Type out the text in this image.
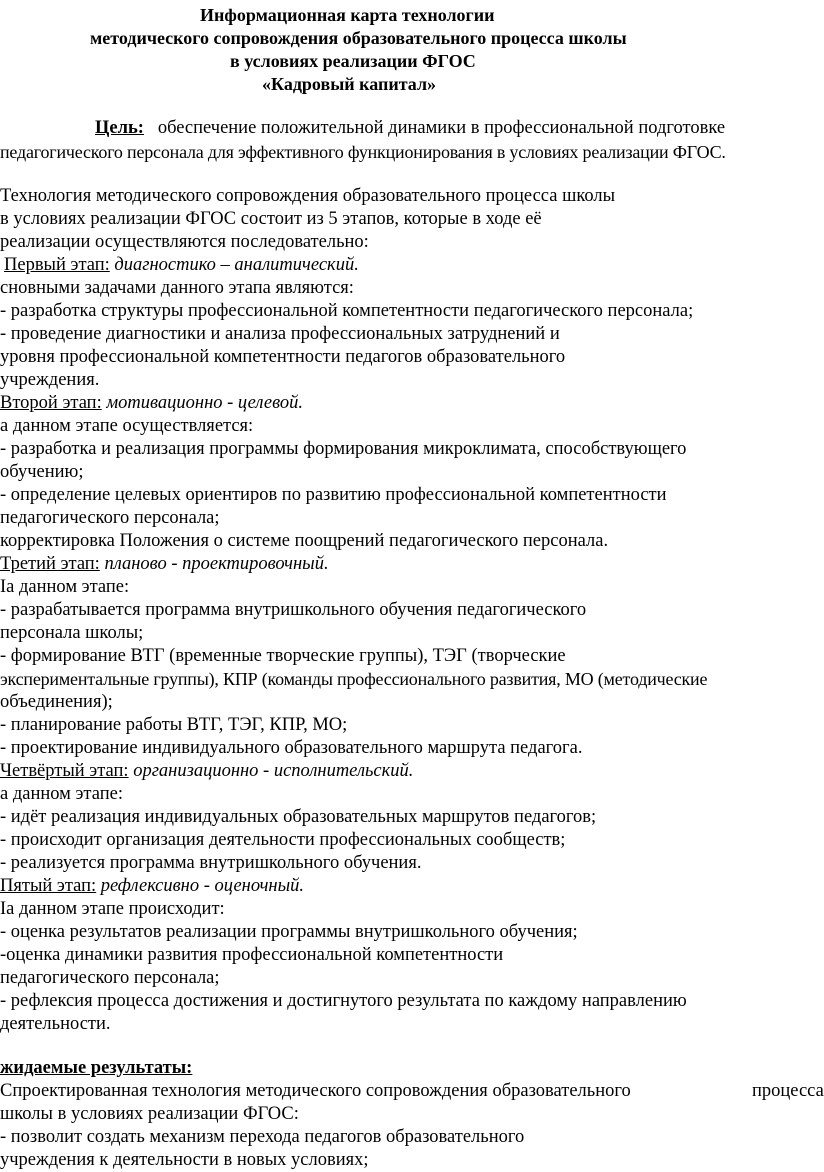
Информационная карта технологии
методического сопровождения образовательного процесса школы
в условиях реализации ФГОС
«Кадровый капитал»
Цель: обеспечение положительной динамики в профессиональной подготовке
педагогического персонала для эффективного функционирования в условиях реализации ФГОС.
Технология методического сопровождения образовательного процесса школы
в условиях реализации ФГОС состоит из 5 этапов, которые в ходе её
реализации осуществляются последовательно:
Первый этап: диагностико – аналитический.
сновными задачами данного этапа являются:
- разработка структуры профессиональной компетентности педагогического персонала;
- проведение диагностики и анализа профессиональных затруднений и
уровня профессиональной компетентности педагогов образовательного
учреждения.
Второй этап: мотивационно - целевой.
а данном этапе осуществляется:
- разработка и реализация программы формирования микроклимата, способствующего
обучению;
- определение целевых ориентиров по развитию профессиональной компетентности
педагогического персонала;
корректировка Положения о системе поощрений педагогического персонала.
Третий этап: планово - проектировочный.
Іа данном этапе:
- разрабатывается программа внутришкольного обучения педагогического
персонала школы;
- формирование ВТГ (временные творческие группы), ТЭГ (творческие
экспериментальные группы), КПР (команды профессионального развития, МО (методические
объединения);
- планирование работы ВТГ, ТЭГ, КПР, МО;
- проектирование индивидуального образовательного маршрута педагога.
Четвёртый этап: организационно - исполнительский.
а данном этапе:
- идёт реализация индивидуальных образовательных маршрутов педагогов;
- происходит организация деятельности профессиональных сообществ;
- реализуется программа внутришкольного обучения.
Пятый этап: рефлексивно - оценочный.
Іа данном этапе происходит:
- оценка результатов реализации программы внутришкольного обучения;
-оценка динамики развития профессиональной компетентности
педагогического персонала;
- рефлексия процесса достижения и достигнутого результата по каждому направлению
деятельности.
жидаемые результаты:
Спроектированная технология методического сопровождения образовательного	процесса
школы в условиях реализации ФГОС:
- позволит создать механизм перехода педагогов образовательного
учреждения к деятельности в новых условиях;
